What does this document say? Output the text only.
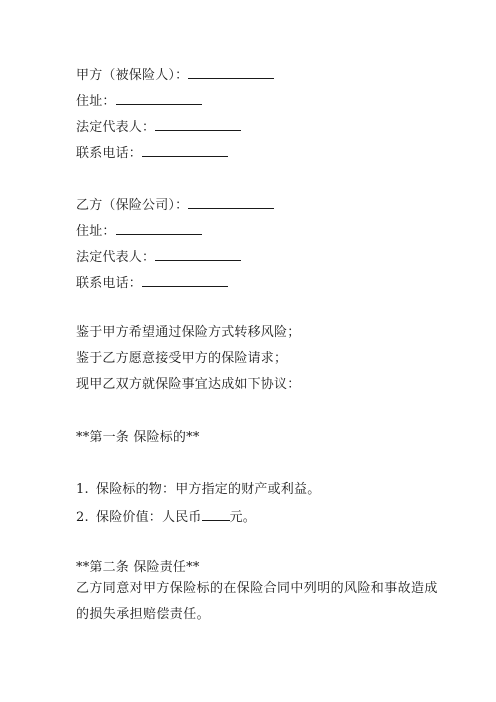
甲方（被保险人）：
住址：
法定代表人：
联系电话：
乙方（保险公司）：
住址：
法定代表人：
联系电话：
鉴于甲方希望通过保险方式转移风险；
鉴于乙方愿意接受甲方的保险请求；
现甲乙双方就保险事宜达成如下协议：
**第一条 保险标的**
1. 保险标的物：甲方指定的财产或利益。
2. 保险价值：人民币 元。
**第二条 保险责任**
乙方同意对甲方保险标的在保险合同中列明的风险和事故造成的损失承担赔偿责任。
